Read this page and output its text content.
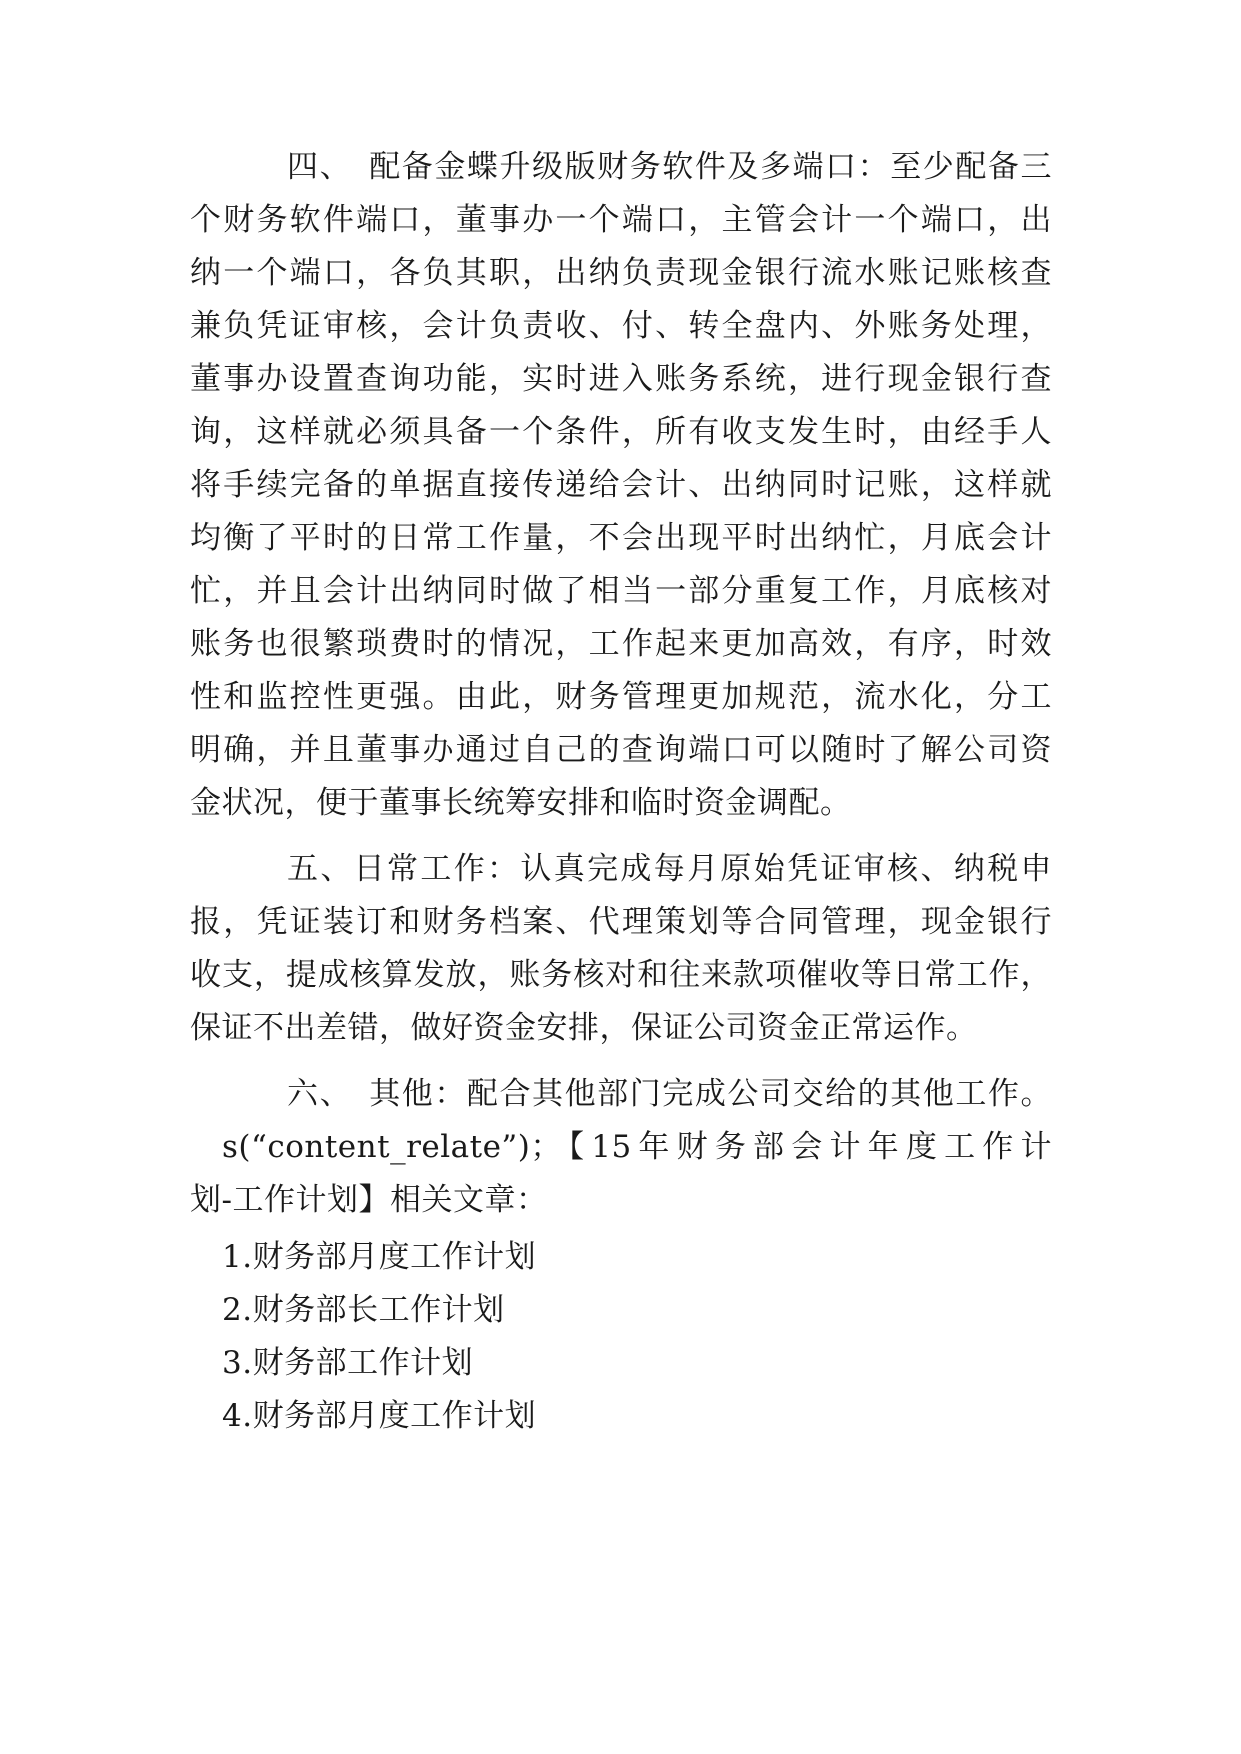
四、　配备金蝶升级版财务软件及多端口：至少配备三
个财务软件端口，董事办一个端口，主管会计一个端口，出
纳一个端口，各负其职，出纳负责现金银行流水账记账核查
兼负凭证审核，会计负责收、付、转全盘内、外账务处理，
董事办设置查询功能，实时进入账务系统，进行现金银行查
询，这样就必须具备一个条件，所有收支发生时，由经手人
将手续完备的单据直接传递给会计、出纳同时记账，这样就
均衡了平时的日常工作量，不会出现平时出纳忙，月底会计
忙，并且会计出纳同时做了相当一部分重复工作，月底核对
账务也很繁琐费时的情况，工作起来更加高效，有序，时效
性和监控性更强。由此，财务管理更加规范，流水化，分工
明确，并且董事办通过自己的查询端口可以随时了解公司资
金状况，便于董事长统筹安排和临时资金调配。
五、日常工作：认真完成每月原始凭证审核、纳税申
报，凭证装订和财务档案、代理策划等合同管理，现金银行
收支，提成核算发放，账务核对和往来款项催收等日常工作，
保证不出差错，做好资金安排，保证公司资金正常运作。
六、　其他：配合其他部门完成公司交给的其他工作。
s(“content_relate”)；【15年财务部会计年度工作计
划-工作计划】相关文章：
1.财务部月度工作计划
2.财务部长工作计划
3.财务部工作计划
4.财务部月度工作计划
